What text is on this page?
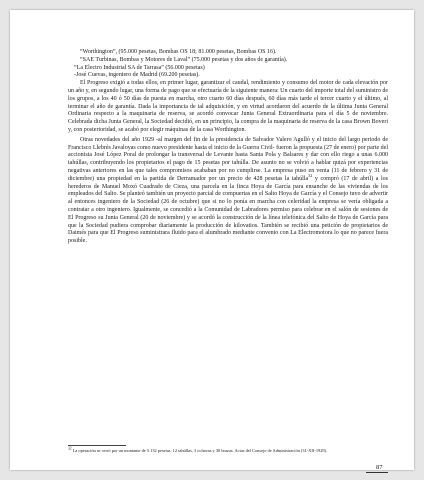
“Worthington”, (95.000 pesetas, Bombas OS 18; 81.000 pesetas, Bombas OS 16).

“SAE Turbinas, Bombas y Motores de Laval” (75.000 pesetas y dos años de garantía).

“La Electro Industrial SA de Tarrasa” (56.000 pesetas)

-José Cuevas, ingeniero de Madrid (69.200 pesetas).

El Progreso exigió a todas ellos, en primer lugar, garantizar el caudal, rendimiento y consumo del motor de cada elevación por un año y, en segundo lugar, una forma de pago que se efectuaría de la siguiente manera: Un cuarto del importe total del suministro de los grupos, a los 40 ó 50 días de puesta en marcha, otro cuarto 60 días después, 60 días más tarde el tercer cuarto y el último, al terminar el año de garantía. Dada la importancia de tal adquisición, y en virtud acordaron del acuerdo de la última Junta General Ordinaria respecto a la maquinaria de reserva, se acordó convocar Junta General Extraordinaria para el día 5 de noviembre. Celebrada dicha Junta General, la Sociedad decidió, en un principio, la compra de la maquinaria de reserva de la casa Brown Boveri y, con posterioridad, se acabó por elegir máquinas de la casa Worthington.

Otras novedades del año 1929 -al margen del fin de la presidencia de Salvador Valero Agulló y el inicio del largo periodo de Francisco Llebrés Javaloyas como nuevo presidente hasta el inicio de la Guerra Civil- fueron la propuesta (27 de enero) por parte del accionista José López Poral de prolongar la transversal de Levante hasta Santa Pola y Balsares y dar con ello riego a unas 6.000 tahúllas, contribuyendo los propietarios el pago de 15 pesetas por tahúlla. De asunto no se volvió a hablar quizá por experiencias negativas anteriores en las que tales compromisos acababan por no cumplirse. La empresa puso en venta (11 de febrero y 31 de diciembre) una propiedad en la partida de Derramador por un precio de 428 pesetas la tahúlla$^{32}$ y compró (17 de abril) a los herederos de Manuel Moxó Cuadrado de Cieza, una parcela en la finca Hoya de García para ensanche de las viviendas de los empleados del Salto. Se planteó también un proyecto parcial de compuertas en el Salto Hoya de García y el Consejo tuvo de advertir al entonces ingeniero de la Sociedad (26 de octubre) que si no lo ponía en marcha con celeridad la empresa se vería obligada a contratar a otro ingeniero. Igualmente, se concedió a la Comunidad de Labradores permiso para celebrar en el salón de sesiones de El Progreso su Junta General (20 de noviembre) y se acordó la construcción de la línea telefónica del Salto de Hoya de García para que la Sociedad pudiera comprobar diariamente la producción de kilovatios. También se recibió una petición de propietarios de Daimés para que El Progreso suministrara fluido para el alumbrado mediante convenio con La Electromotora lo que no parece fuera posible.

$^{32}$ La operación se cerró por un montante de 5.132 pesetas, 12 tahúllas, 3 ochavas y 30 brazas. Actas del Consejo de Administración (31-XII-1929).
87
